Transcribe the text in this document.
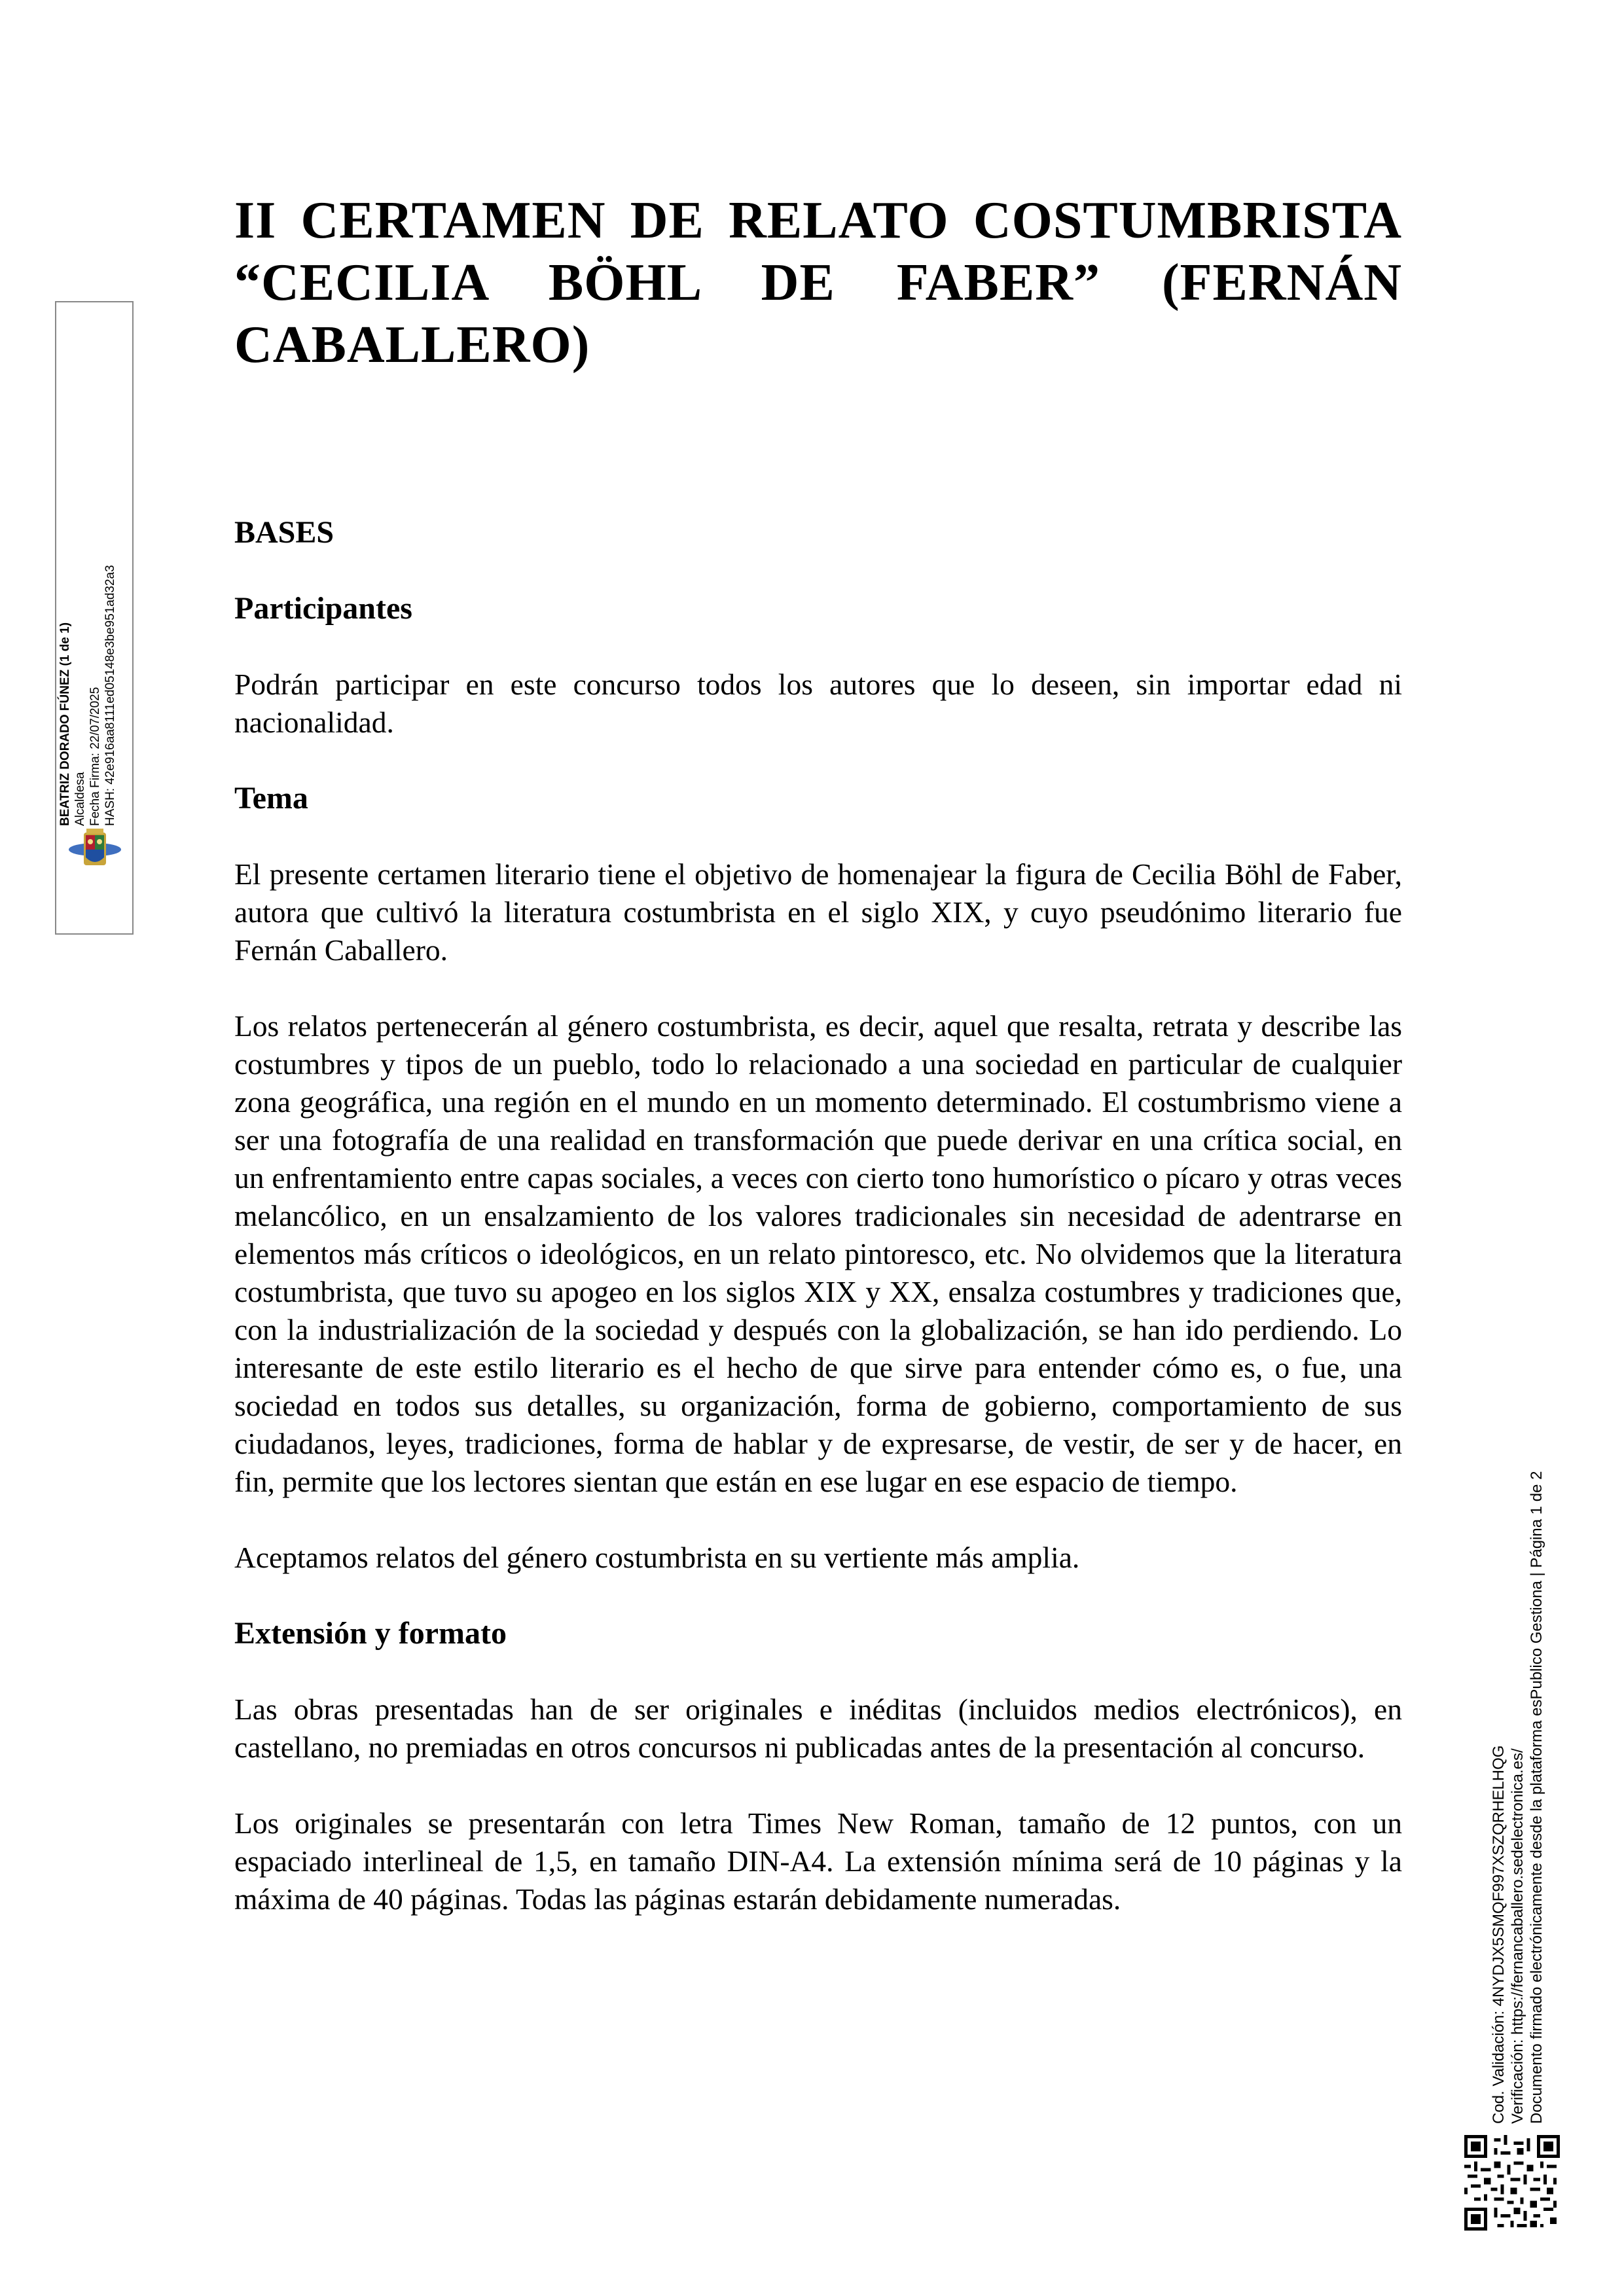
BEATRIZ DORADO FÚNEZ (1 de 1) Alcaldesa Fecha Firma: 22/07/2025 HASH: 42e916aa8111ed05148e3be951ad32a3
II CERTAMEN DE RELATO COSTUMBRISTA “CECILIA BÖHL DE FABER” (FERNÁN CABALLERO)

BASES

Participantes

Podrán participar en este concurso todos los autores que lo deseen, sin importar edad ni nacionalidad.

Tema

El presente certamen literario tiene el objetivo de homenajear la figura de Cecilia Böhl de Faber, autora que cultivó la literatura costumbrista en el siglo XIX, y cuyo pseudónimo literario fue Fernán Caballero.

Los relatos pertenecerán al género costumbrista, es decir, aquel que resalta, retrata y describe las costumbres y tipos de un pueblo, todo lo relacionado a una sociedad en particular de cualquier zona geográfica, una región en el mundo en un momento determinado. El costumbrismo viene a ser una fotografía de una realidad en transformación que puede derivar en una crítica social, en un enfrentamiento entre capas sociales, a veces con cierto tono humorístico o pícaro y otras veces melancólico, en un ensalzamiento de los valores tradicionales sin necesidad de adentrarse en elementos más críticos o ideológicos, en un relato pintoresco, etc. No olvidemos que la literatura costumbrista, que tuvo su apogeo en los siglos XIX y XX, ensalza costumbres y tradiciones que, con la industrialización de la sociedad y después con la globalización, se han ido perdiendo. Lo interesante de este estilo literario es el hecho de que sirve para entender cómo es, o fue, una sociedad en todos sus detalles, su organización, forma de gobierno, comportamiento de sus ciudadanos, leyes, tradiciones, forma de hablar y de expresarse, de vestir, de ser y de hacer, en fin, permite que los lectores sientan que están en ese lugar en ese espacio de tiempo.

Aceptamos relatos del género costumbrista en su vertiente más amplia.

Extensión y formato

Las obras presentadas han de ser originales e inéditas (incluidos medios electrónicos), en castellano, no premiadas en otros concursos ni publicadas antes de la presentación al concurso.

Los originales se presentarán con letra Times New Roman, tamaño de 12 puntos, con un espaciado interlineal de 1,5, en tamaño DIN-A4. La extensión mínima será de 10 páginas y la máxima de 40 páginas. Todas las páginas estarán debidamente numeradas.	Cod. Validación: 4NYDJX5SMQF997XSZQRHELHQG Verificación: https://fernancaballero.sedelectronica.es/ Documento firmado electrónicamente desde la plataforma esPublico Gestiona | Página 1 de 2
